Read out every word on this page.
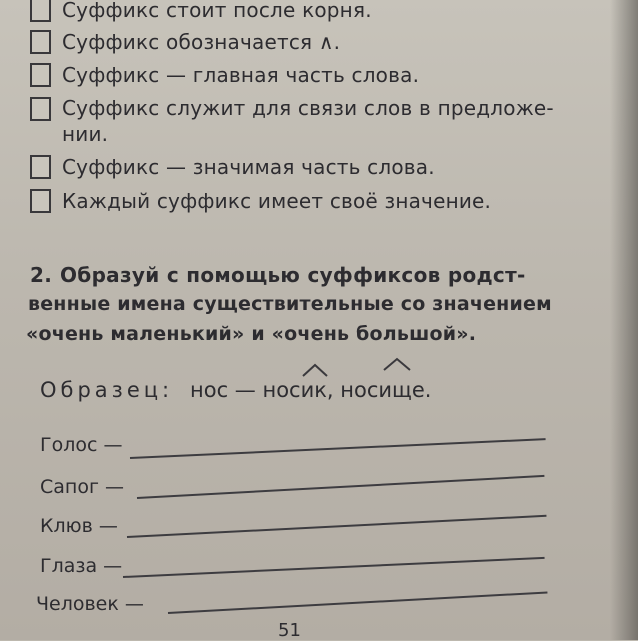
Суффикс стоит после корня.
Суффикс обозначается ∧.
Суффикс — главная часть слова.
Суффикс служит для связи слов в предложе-
нии.
Суффикс — значимая часть слова.
Каждый суффикс имеет своё значение.
2. Образуй с помощью суффиксов родст-
венные имена существительные со значением
«очень маленький» и «очень большой».
Образец: нос — носик, носище.
Голос —
Сапог —
Клюв —
Глаза —
Человек —
51
